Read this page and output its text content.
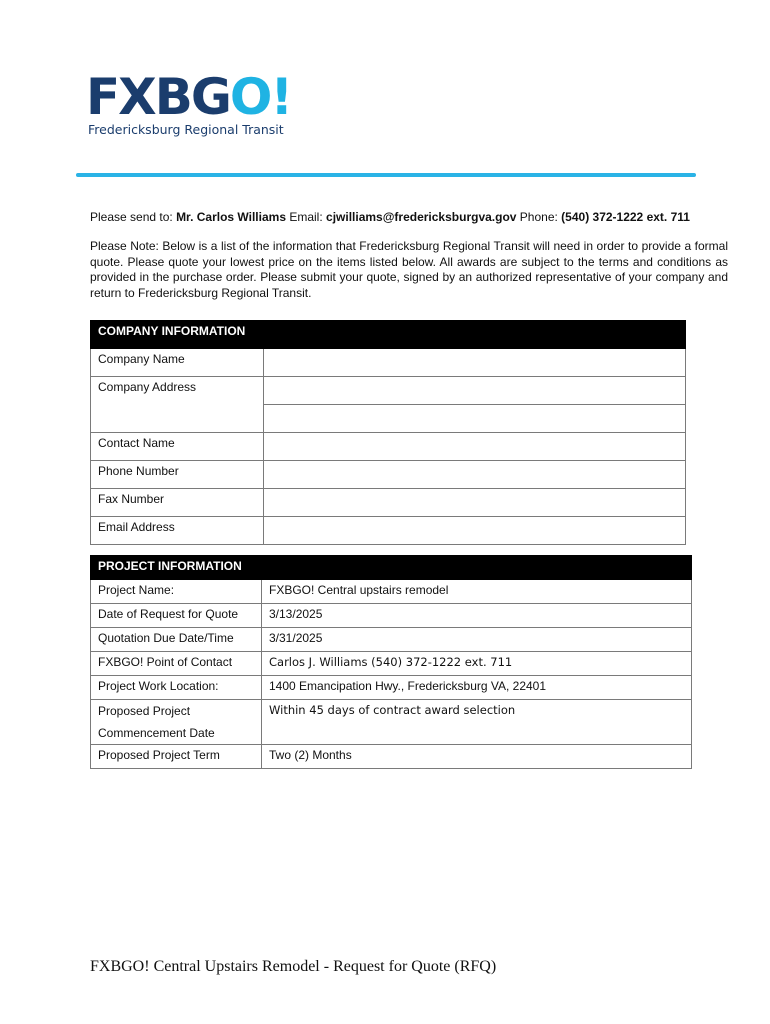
FXBGO!
Fredericksburg Regional Transit
Please send to: Mr. Carlos Williams Email: cjwilliams@fredericksburgva.gov Phone: (540) 372-1222 ext. 711
Please Note: Below is a list of the information that Fredericksburg Regional Transit will need in order to provide a formal quote. Please quote your lowest price on the items listed below. All awards are subject to the terms and conditions as provided in the purchase order. Please submit your quote, signed by an authorized representative of your company and return to Fredericksburg Regional Transit.
COMPANY INFORMATION	
Company Name	
Company Address	

Contact Name	
Phone Number	
Fax Number	
Email Address	
PROJECT INFORMATION	
Project Name:	FXBGO! Central upstairs remodel
Date of Request for Quote	3/13/2025
Quotation Due Date/Time	3/31/2025
FXBGO! Point of Contact	Carlos J. Williams (540) 372-1222 ext. 711
Project Work Location:	1400 Emancipation Hwy., Fredericksburg VA, 22401
Proposed Project Commencement Date	Within 45 days of contract award selection
Proposed Project Term	Two (2) Months
FXBGO! Central Upstairs Remodel - Request for Quote (RFQ)
